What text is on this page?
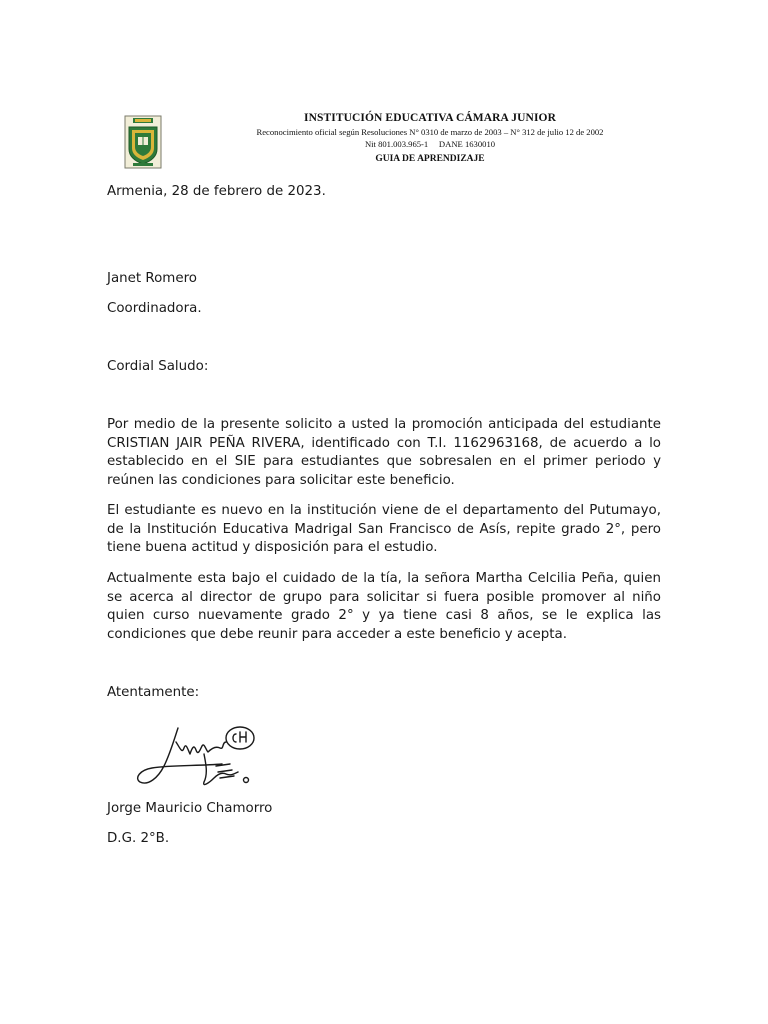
INSTITUCIÓN EDUCATIVA CÁMARA JUNIOR
Reconocimiento oficial según Resoluciones N° 0310 de marzo de 2003 – N° 312 de julio 12 de 2002
Nit 801.003.965-1     DANE 1630010
GUIA DE APRENDIZAJE
Armenia, 28 de febrero de 2023.
Janet Romero
Coordinadora.
Cordial Saludo:
Por medio de la presente solicito a usted la promoción anticipada del estudiante CRISTIAN JAIR PEÑA RIVERA, identificado con T.I. 1162963168, de acuerdo a lo establecido en el SIE para estudiantes que sobresalen en el primer periodo y reúnen las condiciones para solicitar este beneficio.
El estudiante es nuevo en la institución viene de el departamento del Putumayo, de la Institución Educativa Madrigal San Francisco de Asís, repite grado 2°, pero tiene buena actitud y disposición para el estudio.
Actualmente esta bajo el cuidado de la tía, la señora Martha Celcilia Peña, quien se acerca al director de grupo para solicitar si fuera posible promover al niño quien curso nuevamente grado 2° y ya tiene casi 8 años, se le explica las condiciones que debe reunir para acceder a este beneficio y acepta.
Atentamente:
Jorge Mauricio Chamorro
D.G. 2°B.
